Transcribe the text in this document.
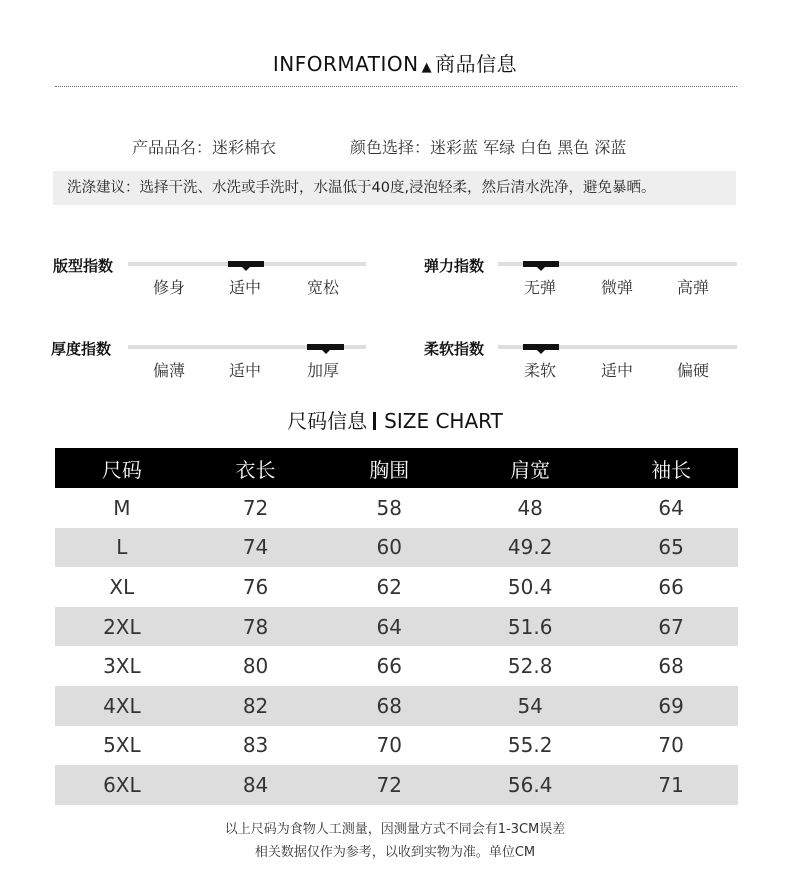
INFORMATION ▲ 商品信息
产品品名：迷彩棉衣	颜色选择：迷彩蓝 军绿 白色 黑色 深蓝
洗涤建议：选择干洗、水洗或手洗时，水温低于40度,浸泡轻柔，然后清水洗净，避免暴晒。
版型指数
修身	适中	宽松
弹力指数
无弹	微弹	高弹
厚度指数
偏薄	适中	加厚
柔软指数
柔软	适中	偏硬
尺码信息 SIZE CHART
尺码	衣长	胸围	肩宽	袖长
M	72	58	48	64
L	74	60	49.2	65
XL	76	62	50.4	66
2XL	78	64	51.6	67
3XL	80	66	52.8	68
4XL	82	68	54	69
5XL	83	70	55.2	70
6XL	84	72	56.4	71
以上尺码为食物人工测量，因测量方式不同会有1-3CM误差
相关数据仅作为参考，以收到实物为准。单位CM
